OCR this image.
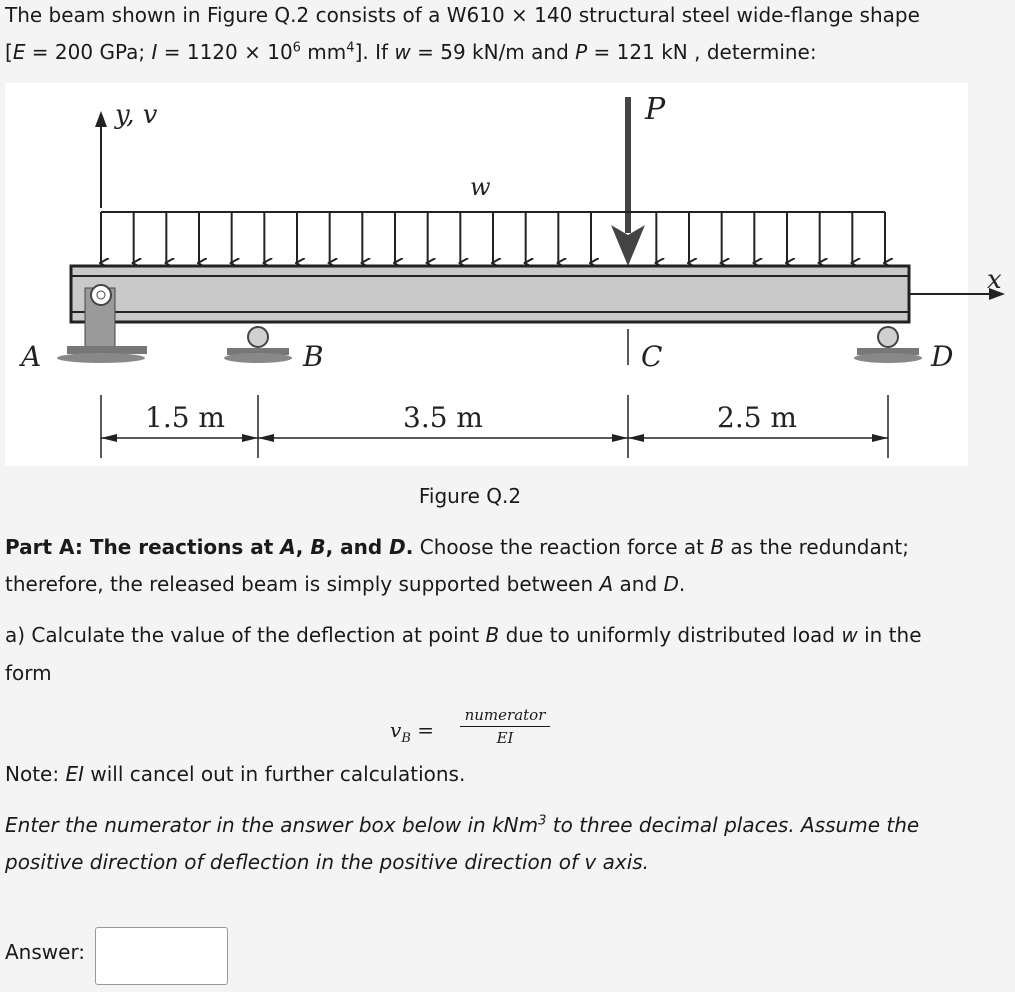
The beam shown in Figure Q.2 consists of a W610 × 140 structural steel wide-flange shape

[E = 200 GPa; $I = 1120 \times 10^6$ $mm^4$]. If w = 59 kN/m and P = 121 kN , determine:

y, v	P
w
x
A	B	C	D
1.5 m	3.5 m	2.5 m
Figure Q.2

Part A: The reactions at A, B, and D. Choose the reaction force at B as the redundant;

therefore, the released beam is simply supported between A and D.

a) Calculate the value of the deflection at point B due to uniformly distributed load w in the

form

$v_B$ =
numerator
EI

Note: EI will cancel out in further calculations.

Enter the numerator in the answer box below in kNm$^3$ to three decimal places. Assume the

positive direction of deflection in the positive direction of v axis.

Answer:
